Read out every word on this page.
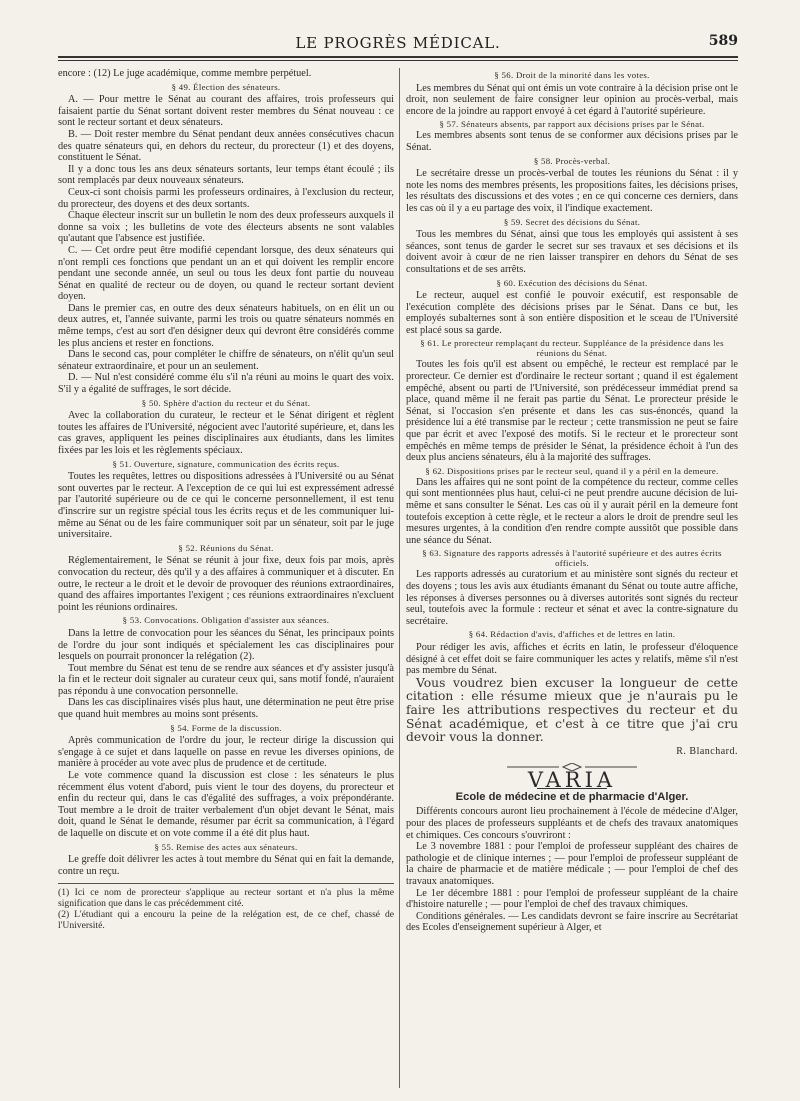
LE PROGRÈS MÉDICAL.	589

encore : (12) Le juge académique, comme membre perpétuel.

§ 49. Élection des sénateurs.

A. — Pour mettre le Sénat au courant des affaires, trois professeurs qui faisaient partie du Sénat sortant doivent rester membres du Sénat nouveau : ce sont le recteur sortant et deux sénateurs.

B. — Doit rester membre du Sénat pendant deux années consécutives chacun des quatre sénateurs qui, en dehors du recteur, du prorecteur (1) et des doyens, constituent le Sénat.

Il y a donc tous les ans deux sénateurs sortants, leur temps étant écoulé ; ils sont remplacés par deux nouveaux sénateurs.

Ceux-ci sont choisis parmi les professeurs ordinaires, à l'exclusion du recteur, du prorecteur, des doyens et des deux sortants.

Chaque électeur inscrit sur un bulletin le nom des deux professeurs auxquels il donne sa voix ; les bulletins de vote des électeurs absents ne sont valables qu'autant que l'absence est justifiée.

C. — Cet ordre peut être modifié cependant lorsque, des deux sénateurs qui n'ont rempli ces fonctions que pendant un an et qui doivent les remplir encore pendant une seconde année, un seul ou tous les deux font partie du nouveau Sénat en qualité de recteur ou de doyen, ou quand le recteur sortant devient doyen.

Dans le premier cas, en outre des deux sénateurs habituels, on en élit un ou deux autres, et, l'année suivante, parmi les trois ou quatre sénateurs nommés en même temps, c'est au sort d'en désigner deux qui devront être considérés comme les plus anciens et rester en fonctions.

Dans le second cas, pour compléter le chiffre de sénateurs, on n'élit qu'un seul sénateur extraordinaire, et pour un an seulement.

D. — Nul n'est considéré comme élu s'il n'a réuni au moins le quart des voix. S'il y a égalité de suffrages, le sort décide.

§ 50. Sphère d'action du recteur et du Sénat.

Avec la collaboration du curateur, le recteur et le Sénat dirigent et règlent toutes les affaires de l'Université, négocient avec l'autorité supérieure, et, dans les cas graves, appliquent les peines disciplinaires aux étudiants, dans les limites fixées par les lois et les règlements spéciaux.

§ 51. Ouverture, signature, communication des écrits reçus.

Toutes les requêtes, lettres ou dispositions adressées à l'Université ou au Sénat sont ouvertes par le recteur. A l'exception de ce qui lui est expressément adressé par l'autorité supérieure ou de ce qui le concerne personnellement, il est tenu d'inscrire sur un registre spécial tous les écrits reçus et de les communiquer lui-même au Sénat ou de les faire communiquer soit par un sénateur, soit par le juge universitaire.

§ 52. Réunions du Sénat.

Réglementairement, le Sénat se réunit à jour fixe, deux fois par mois, après convocation du recteur, dès qu'il y a des affaires à communiquer et à discuter. En outre, le recteur a le droit et le devoir de provoquer des réunions extraordinaires, quand des affaires importantes l'exigent ; ces réunions extraordinaires n'excluent point les réunions ordinaires.

§ 53. Convocations. Obligation d'assister aux séances.

Dans la lettre de convocation pour les séances du Sénat, les principaux points de l'ordre du jour sont indiqués et spécialement les cas disciplinaires pour lesquels on pourrait prononcer la relégation (2).

Tout membre du Sénat est tenu de se rendre aux séances et d'y assister jusqu'à la fin et le recteur doit signaler au curateur ceux qui, sans motif fondé, n'auraient pas répondu à une convocation personnelle.

Dans les cas disciplinaires visés plus haut, une détermination ne peut être prise que quand huit membres au moins sont présents.

§ 54. Forme de la discussion.

Après communication de l'ordre du jour, le recteur dirige la discussion qui s'engage à ce sujet et dans laquelle on passe en revue les diverses opinions, de manière à procéder au vote avec plus de prudence et de certitude.

Le vote commence quand la discussion est close : les sénateurs le plus récemment élus votent d'abord, puis vient le tour des doyens, du prorecteur et enfin du recteur qui, dans le cas d'égalité des suffrages, a voix prépondérante. Tout membre a le droit de traiter verbalement d'un objet devant le Sénat, mais doit, quand le Sénat le demande, résumer par écrit sa communication, à l'égard de laquelle on discute et on vote comme il a été dit plus haut.

§ 55. Remise des actes aux sénateurs.

Le greffe doit délivrer les actes à tout membre du Sénat qui en fait la demande, contre un reçu.

(1) Ici ce nom de prorecteur s'applique au recteur sortant et n'a plus la même signification que dans le cas précédemment cité.

(2) L'étudiant qui a encouru la peine de la relégation est, de ce chef, chassé de l'Université.

§ 56. Droit de la minorité dans les votes.

Les membres du Sénat qui ont émis un vote contraire à la décision prise ont le droit, non seulement de faire consigner leur opinion au procès-verbal, mais encore de la joindre au rapport envoyé à cet égard à l'autorité supérieure.

§ 57. Sénateurs absents, par rapport aux décisions prises par le Sénat.

Les membres absents sont tenus de se conformer aux décisions prises par le Sénat.

§ 58. Procès-verbal.

Le secrétaire dresse un procès-verbal de toutes les réunions du Sénat : il y note les noms des membres présents, les propositions faites, les décisions prises, les résultats des discussions et des votes ; en ce qui concerne ces derniers, dans les cas où il y a eu partage des voix, il l'indique exactement.

§ 59. Secret des décisions du Sénat.

Tous les membres du Sénat, ainsi que tous les employés qui assistent à ses séances, sont tenus de garder le secret sur ses travaux et ses décisions et ils doivent avoir à cœur de ne rien laisser transpirer en dehors du Sénat de ses consultations et de ses arrêts.

§ 60. Exécution des décisions du Sénat.

Le recteur, auquel est confié le pouvoir exécutif, est responsable de l'exécution complète des décisions prises par le Sénat. Dans ce but, les employés subalternes sont à son entière disposition et le sceau de l'Université est placé sous sa garde.

§ 61. Le prorecteur remplaçant du recteur. Suppléance de la présidence dans les réunions du Sénat.

Toutes les fois qu'il est absent ou empêché, le recteur est remplacé par le prorecteur. Ce dernier est d'ordinaire le recteur sortant ; quand il est également empêché, absent ou parti de l'Université, son prédécesseur immédiat prend sa place, quand même il ne ferait pas partie du Sénat. Le prorecteur préside le Sénat, si l'occasion s'en présente et dans les cas sus-énoncés, quand la présidence lui a été transmise par le recteur ; cette transmission ne peut se faire que par écrit et avec l'exposé des motifs. Si le recteur et le prorecteur sont empêchés en même temps de présider le Sénat, la présidence échoit à l'un des deux plus anciens sénateurs, élu à la majorité des suffrages.

§ 62. Dispositions prises par le recteur seul, quand il y a péril en la demeure.

Dans les affaires qui ne sont point de la compétence du recteur, comme celles qui sont mentionnées plus haut, celui-ci ne peut prendre aucune décision de lui-même et sans consulter le Sénat. Les cas où il y aurait péril en la demeure font toutefois exception à cette règle, et le recteur a alors le droit de prendre seul les mesures urgentes, à la condition d'en rendre compte aussitôt que possible dans une séance du Sénat.

§ 63. Signature des rapports adressés à l'autorité supérieure et des autres écrits officiels.

Les rapports adressés au curatorium et au ministère sont signés du recteur et des doyens ; tous les avis aux étudiants émanant du Sénat ou toute autre affiche, les réponses à diverses personnes ou à diverses autorités sont signés du recteur seul, toutefois avec la formule : recteur et sénat et avec la contre-signature du secrétaire.

§ 64. Rédaction d'avis, d'affiches et de lettres en latin.

Pour rédiger les avis, affiches et écrits en latin, le professeur d'éloquence désigné à cet effet doit se faire communiquer les actes y relatifs, même s'il n'est pas membre du Sénat.

Vous voudrez bien excuser la longueur de cette citation : elle résume mieux que je n'aurais pu le faire les attributions respectives du recteur et du Sénat académique, et c'est à ce titre que j'ai cru devoir vous la donner.

R. Blanchard.
VARIA
Ecole de médecine et de pharmacie d'Alger.

Différents concours auront lieu prochainement à l'école de médecine d'Alger, pour des places de professeurs suppléants et de chefs des travaux anatomiques et chimiques. Ces concours s'ouvriront :

Le 3 novembre 1881 : pour l'emploi de professeur suppléant des chaires de pathologie et de clinique internes ; — pour l'emploi de professeur suppléant de la chaire de pharmacie et de matière médicale ; — pour l'emploi de chef des travaux anatomiques.

Le 1er décembre 1881 : pour l'emploi de professeur suppléant de la chaire d'histoire naturelle ; — pour l'emploi de chef des travaux chimiques.

Conditions générales. — Les candidats devront se faire inscrire au Secrétariat des Ecoles d'enseignement supérieur à Alger, et
